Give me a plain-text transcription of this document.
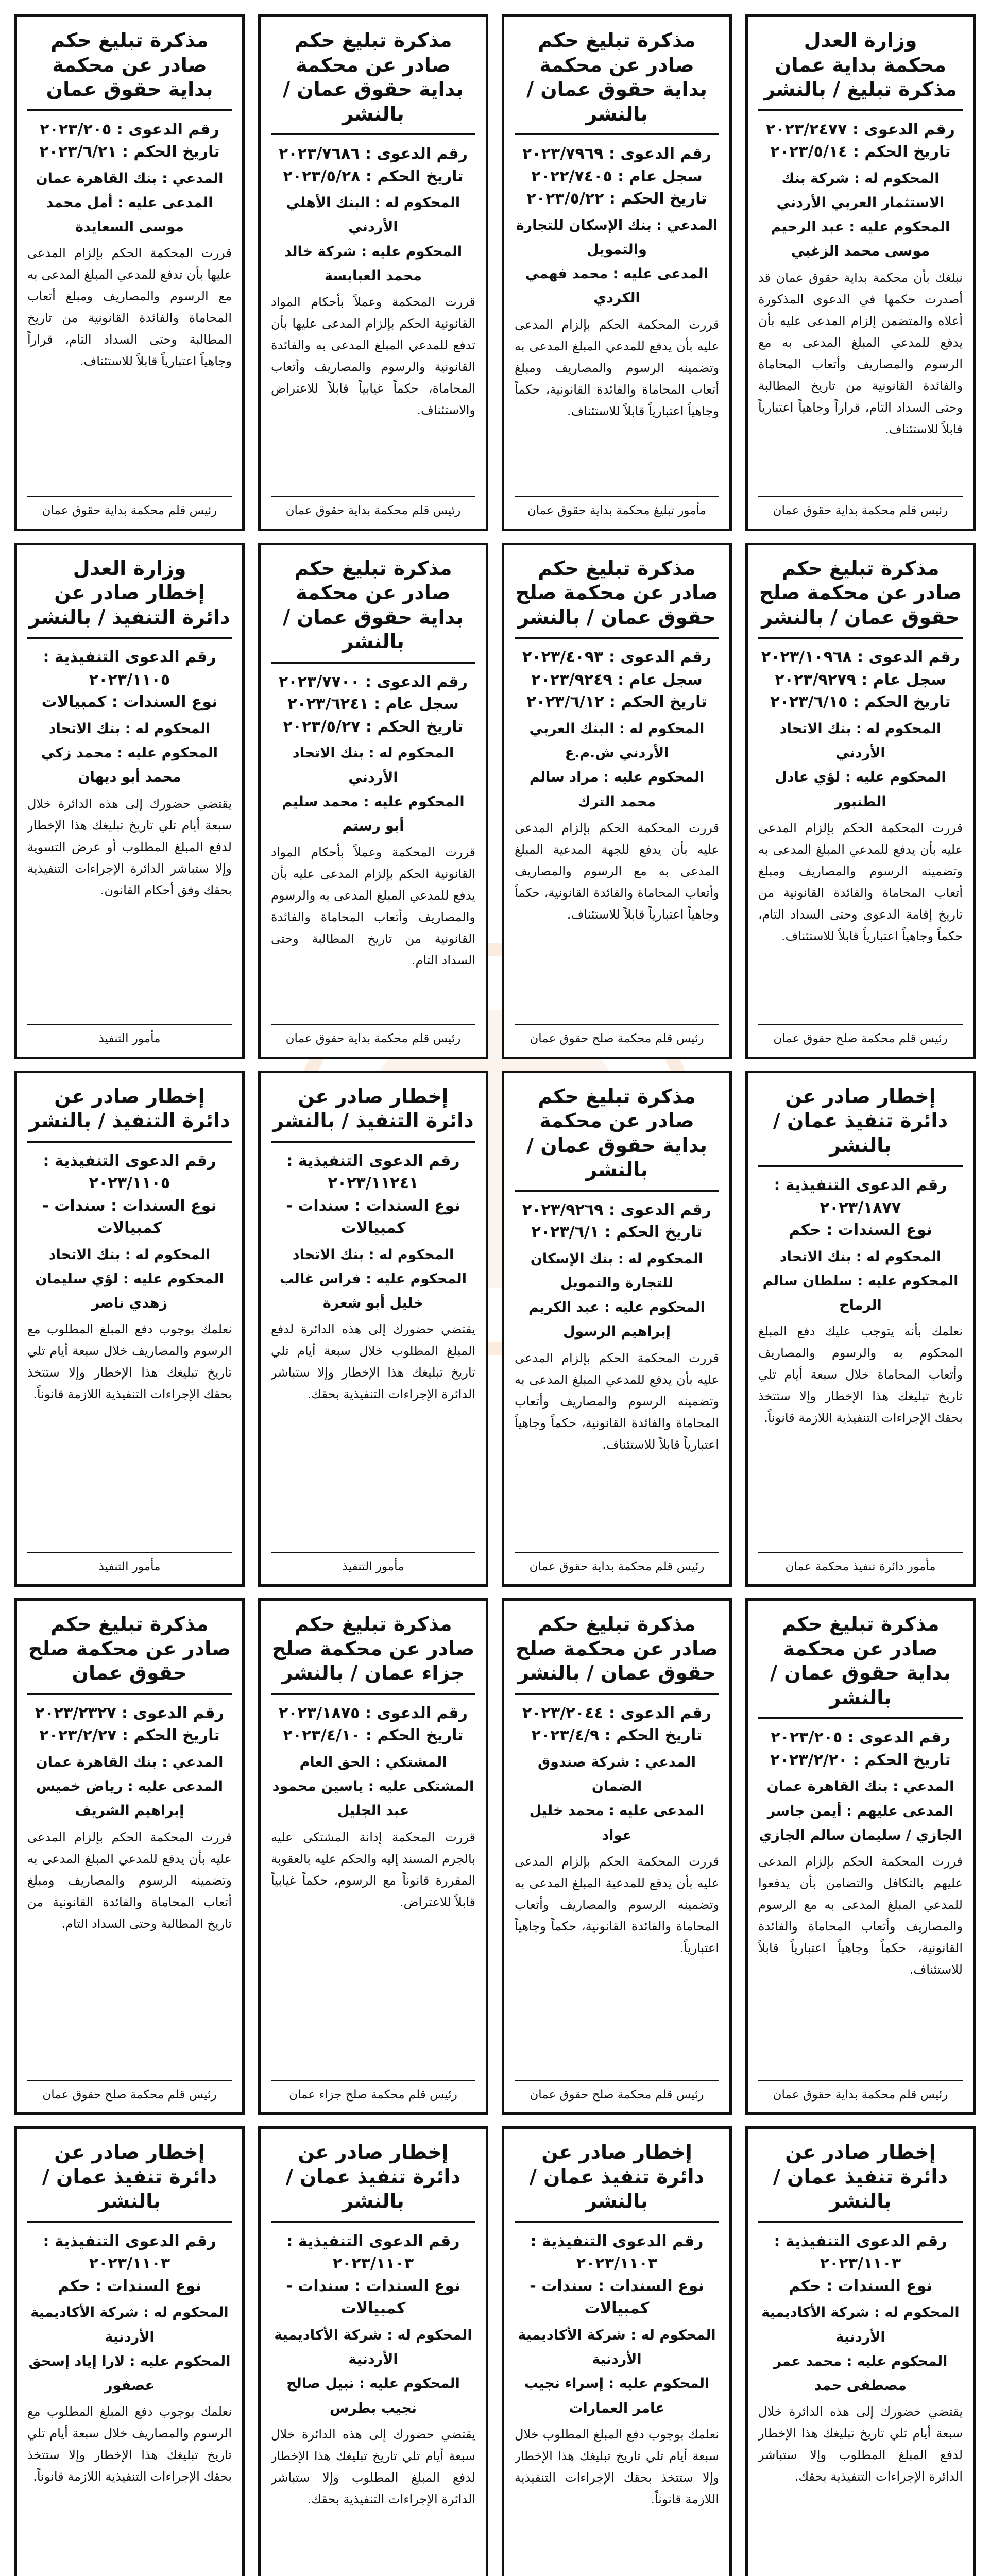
وزارة العدل
محكمة بداية عمان
مذكرة تبليغ / بالنشر
رقم الدعوى : ٢٠٢٣/٢٤٧٧
تاريخ الحكم : ٢٠٢٣/٥/١٤
المحكوم له : شركة بنك الاستثمار العربي الأردني
المحكوم عليه : عبد الرحيم موسى محمد الزغبي
نبلغك بأن محكمة بداية حقوق عمان قد أصدرت حكمها في الدعوى المذكورة أعلاه والمتضمن إلزام المدعى عليه بأن يدفع للمدعي المبلغ المدعى به مع الرسوم والمصاريف وأتعاب المحاماة والفائدة القانونية من تاريخ المطالبة وحتى السداد التام، قراراً وجاهياً اعتبارياً قابلاً للاستئناف.
رئيس قلم محكمة بداية حقوق عمان
مذكرة تبليغ حكم صادر عن محكمة بداية حقوق عمان / بالنشر
رقم الدعوى : ٢٠٢٣/٧٩٦٩
سجل عام : ٢٠٢٢/٧٤٠٥
تاريخ الحكم : ٢٠٢٣/٥/٢٢
المدعي : بنك الإسكان للتجارة والتمويل
المدعى عليه : محمد فهمي الكردي
قررت المحكمة الحكم بإلزام المدعى عليه بأن يدفع للمدعي المبلغ المدعى به وتضمينه الرسوم والمصاريف ومبلغ أتعاب المحاماة والفائدة القانونية، حكماً وجاهياً اعتبارياً قابلاً للاستئناف.
مأمور تبليغ محكمة بداية حقوق عمان
مذكرة تبليغ حكم صادر عن محكمة بداية حقوق عمان / بالنشر
رقم الدعوى : ٢٠٢٣/٧٦٨٦
تاريخ الحكم : ٢٠٢٣/٥/٢٨
المحكوم له : البنك الأهلي الأردني
المحكوم عليه : شركة خالد محمد العبابسة
قررت المحكمة وعملاً بأحكام المواد القانونية الحكم بإلزام المدعى عليها بأن تدفع للمدعي المبلغ المدعى به والفائدة القانونية والرسوم والمصاريف وأتعاب المحاماة، حكماً غيابياً قابلاً للاعتراض والاستئناف.
رئيس قلم محكمة بداية حقوق عمان
مذكرة تبليغ حكم صادر عن محكمة بداية حقوق عمان
رقم الدعوى : ٢٠٢٣/٢٠٥
تاريخ الحكم : ٢٠٢٣/٦/٢١
المدعي : بنك القاهرة عمان
المدعى عليه : أمل محمد موسى السعايدة
قررت المحكمة الحكم بإلزام المدعى عليها بأن تدفع للمدعي المبلغ المدعى به مع الرسوم والمصاريف ومبلغ أتعاب المحاماة والفائدة القانونية من تاريخ المطالبة وحتى السداد التام، قراراً وجاهياً اعتبارياً قابلاً للاستئناف.
رئيس قلم محكمة بداية حقوق عمان
مذكرة تبليغ حكم صادر عن محكمة صلح حقوق عمان / بالنشر
رقم الدعوى : ٢٠٢٣/١٠٩٦٨
سجل عام : ٢٠٢٣/٩٢٧٩
تاريخ الحكم : ٢٠٢٣/٦/١٥
المحكوم له : بنك الاتحاد الأردني
المحكوم عليه : لؤي عادل الطنبور
قررت المحكمة الحكم بإلزام المدعى عليه بأن يدفع للمدعي المبلغ المدعى به وتضمينه الرسوم والمصاريف ومبلغ أتعاب المحاماة والفائدة القانونية من تاريخ إقامة الدعوى وحتى السداد التام، حكماً وجاهياً اعتبارياً قابلاً للاستئناف.
رئيس قلم محكمة صلح حقوق عمان
مذكرة تبليغ حكم صادر عن محكمة صلح حقوق عمان / بالنشر
رقم الدعوى : ٢٠٢٣/٤٠٩٣
سجل عام : ٢٠٢٣/٩٢٤٩
تاريخ الحكم : ٢٠٢٣/٦/١٢
المحكوم له : البنك العربي الأردني ش.م.ع
المحكوم عليه : مراد سالم محمد الترك
قررت المحكمة الحكم بإلزام المدعى عليه بأن يدفع للجهة المدعية المبلغ المدعى به مع الرسوم والمصاريف وأتعاب المحاماة والفائدة القانونية، حكماً وجاهياً اعتبارياً قابلاً للاستئناف.
رئيس قلم محكمة صلح حقوق عمان
مذكرة تبليغ حكم صادر عن محكمة بداية حقوق عمان / بالنشر
رقم الدعوى : ٢٠٢٣/٧٧٠٠
سجل عام : ٢٠٢٣/٦٢٤١
تاريخ الحكم : ٢٠٢٣/٥/٢٧
المحكوم له : بنك الاتحاد الأردني
المحكوم عليه : محمد سليم أبو رستم
قررت المحكمة وعملاً بأحكام المواد القانونية الحكم بإلزام المدعى عليه بأن يدفع للمدعي المبلغ المدعى به والرسوم والمصاريف وأتعاب المحاماة والفائدة القانونية من تاريخ المطالبة وحتى السداد التام.
رئيس قلم محكمة بداية حقوق عمان
وزارة العدل
إخطار صادر عن دائرة التنفيذ / بالنشر
رقم الدعوى التنفيذية : ٢٠٢٣/١١٠٥
نوع السندات : كمبيالات
المحكوم له : بنك الاتحاد
المحكوم عليه : محمد زكي محمد أبو ديهان
يقتضي حضورك إلى هذه الدائرة خلال سبعة أيام تلي تاريخ تبليغك هذا الإخطار لدفع المبلغ المطلوب أو عرض التسوية وإلا ستباشر الدائرة الإجراءات التنفيذية بحقك وفق أحكام القانون.
مأمور التنفيذ
إخطار صادر عن دائرة تنفيذ عمان / بالنشر
رقم الدعوى التنفيذية : ٢٠٢٣/١٨٧٧
نوع السندات : حكم
المحكوم له : بنك الاتحاد
المحكوم عليه : سلطان سالم الرماح
نعلمك بأنه يتوجب عليك دفع المبلغ المحكوم به والرسوم والمصاريف وأتعاب المحاماة خلال سبعة أيام تلي تاريخ تبليغك هذا الإخطار وإلا ستتخذ بحقك الإجراءات التنفيذية اللازمة قانوناً.
مأمور دائرة تنفيذ محكمة عمان
مذكرة تبليغ حكم صادر عن محكمة بداية حقوق عمان / بالنشر
رقم الدعوى : ٢٠٢٣/٩٢٦٩
تاريخ الحكم : ٢٠٢٣/٦/١
المحكوم له : بنك الإسكان للتجارة والتمويل
المحكوم عليه : عبد الكريم إبراهيم الرسول
قررت المحكمة الحكم بإلزام المدعى عليه بأن يدفع للمدعي المبلغ المدعى به وتضمينه الرسوم والمصاريف وأتعاب المحاماة والفائدة القانونية، حكماً وجاهياً اعتبارياً قابلاً للاستئناف.
رئيس قلم محكمة بداية حقوق عمان
إخطار صادر عن دائرة التنفيذ / بالنشر
رقم الدعوى التنفيذية : ٢٠٢٣/١١٢٤١
نوع السندات : سندات - كمبيالات
المحكوم له : بنك الاتحاد
المحكوم عليه : فراس غالب خليل أبو شعرة
يقتضي حضورك إلى هذه الدائرة لدفع المبلغ المطلوب خلال سبعة أيام تلي تاريخ تبليغك هذا الإخطار وإلا ستباشر الدائرة الإجراءات التنفيذية بحقك.
مأمور التنفيذ
إخطار صادر عن دائرة التنفيذ / بالنشر
رقم الدعوى التنفيذية : ٢٠٢٣/١١٠٥
نوع السندات : سندات - كمبيالات
المحكوم له : بنك الاتحاد
المحكوم عليه : لؤي سليمان زهدي ناصر
نعلمك بوجوب دفع المبلغ المطلوب مع الرسوم والمصاريف خلال سبعة أيام تلي تاريخ تبليغك هذا الإخطار وإلا ستتخذ بحقك الإجراءات التنفيذية اللازمة قانوناً.
مأمور التنفيذ
مذكرة تبليغ حكم صادر عن محكمة بداية حقوق عمان / بالنشر
رقم الدعوى : ٢٠٢٣/٢٠٥
تاريخ الحكم : ٢٠٢٣/٢/٢٠
المدعي : بنك القاهرة عمان
المدعى عليهم : أيمن جاسر الجازي / سليمان سالم الجازي
قررت المحكمة الحكم بإلزام المدعى عليهم بالتكافل والتضامن بأن يدفعوا للمدعي المبلغ المدعى به مع الرسوم والمصاريف وأتعاب المحاماة والفائدة القانونية، حكماً وجاهياً اعتبارياً قابلاً للاستئناف.
رئيس قلم محكمة بداية حقوق عمان
مذكرة تبليغ حكم صادر عن محكمة صلح حقوق عمان / بالنشر
رقم الدعوى : ٢٠٢٣/٢٠٤٤
تاريخ الحكم : ٢٠٢٣/٤/٩
المدعي : شركة صندوق الضمان
المدعى عليه : محمد خليل عواد
قررت المحكمة الحكم بإلزام المدعى عليه بأن يدفع للمدعية المبلغ المدعى به وتضمينه الرسوم والمصاريف وأتعاب المحاماة والفائدة القانونية، حكماً وجاهياً اعتبارياً.
رئيس قلم محكمة صلح حقوق عمان
مذكرة تبليغ حكم صادر عن محكمة صلح جزاء عمان / بالنشر
رقم الدعوى : ٢٠٢٣/١٨٧٥
تاريخ الحكم : ٢٠٢٣/٤/١٠
المشتكي : الحق العام
المشتكى عليه : ياسين محمود عبد الجليل
قررت المحكمة إدانة المشتكى عليه بالجرم المسند إليه والحكم عليه بالعقوبة المقررة قانوناً مع الرسوم، حكماً غيابياً قابلاً للاعتراض.
رئيس قلم محكمة صلح جزاء عمان
مذكرة تبليغ حكم صادر عن محكمة صلح حقوق عمان
رقم الدعوى : ٢٠٢٣/٢٣٢٧
تاريخ الحكم : ٢٠٢٣/٢/٢٧
المدعي : بنك القاهرة عمان
المدعى عليه : رياض خميس إبراهيم الشريف
قررت المحكمة الحكم بإلزام المدعى عليه بأن يدفع للمدعي المبلغ المدعى به وتضمينه الرسوم والمصاريف ومبلغ أتعاب المحاماة والفائدة القانونية من تاريخ المطالبة وحتى السداد التام.
رئيس قلم محكمة صلح حقوق عمان
إخطار صادر عن دائرة تنفيذ عمان / بالنشر
رقم الدعوى التنفيذية : ٢٠٢٣/١١٠٣
نوع السندات : حكم
المحكوم له : شركة الأكاديمية الأردنية
المحكوم عليه : محمد عمر مصطفى حمد
يقتضي حضورك إلى هذه الدائرة خلال سبعة أيام تلي تاريخ تبليغك هذا الإخطار لدفع المبلغ المطلوب وإلا ستباشر الدائرة الإجراءات التنفيذية بحقك.
إخطار صادر عن دائرة تنفيذ عمان / بالنشر
رقم الدعوى التنفيذية : ٢٠٢٣/١١٠٣
نوع السندات : سندات - كمبيالات
المحكوم له : شركة الأكاديمية الأردنية
المحكوم عليه : إسراء نجيب عامر العمارات
نعلمك بوجوب دفع المبلغ المطلوب خلال سبعة أيام تلي تاريخ تبليغك هذا الإخطار وإلا ستتخذ بحقك الإجراءات التنفيذية اللازمة قانوناً.
إخطار صادر عن دائرة تنفيذ عمان / بالنشر
رقم الدعوى التنفيذية : ٢٠٢٣/١١٠٣
نوع السندات : سندات - كمبيالات
المحكوم له : شركة الأكاديمية الأردنية
المحكوم عليه : نبيل صالح نجيب بطرس
يقتضي حضورك إلى هذه الدائرة خلال سبعة أيام تلي تاريخ تبليغك هذا الإخطار لدفع المبلغ المطلوب وإلا ستباشر الدائرة الإجراءات التنفيذية بحقك.
إخطار صادر عن دائرة تنفيذ عمان / بالنشر
رقم الدعوى التنفيذية : ٢٠٢٣/١١٠٣
نوع السندات : حكم
المحكوم له : شركة الأكاديمية الأردنية
المحكوم عليه : لارا إياد إسحق عصفور
نعلمك بوجوب دفع المبلغ المطلوب مع الرسوم والمصاريف خلال سبعة أيام تلي تاريخ تبليغك هذا الإخطار وإلا ستتخذ بحقك الإجراءات التنفيذية اللازمة قانوناً.
